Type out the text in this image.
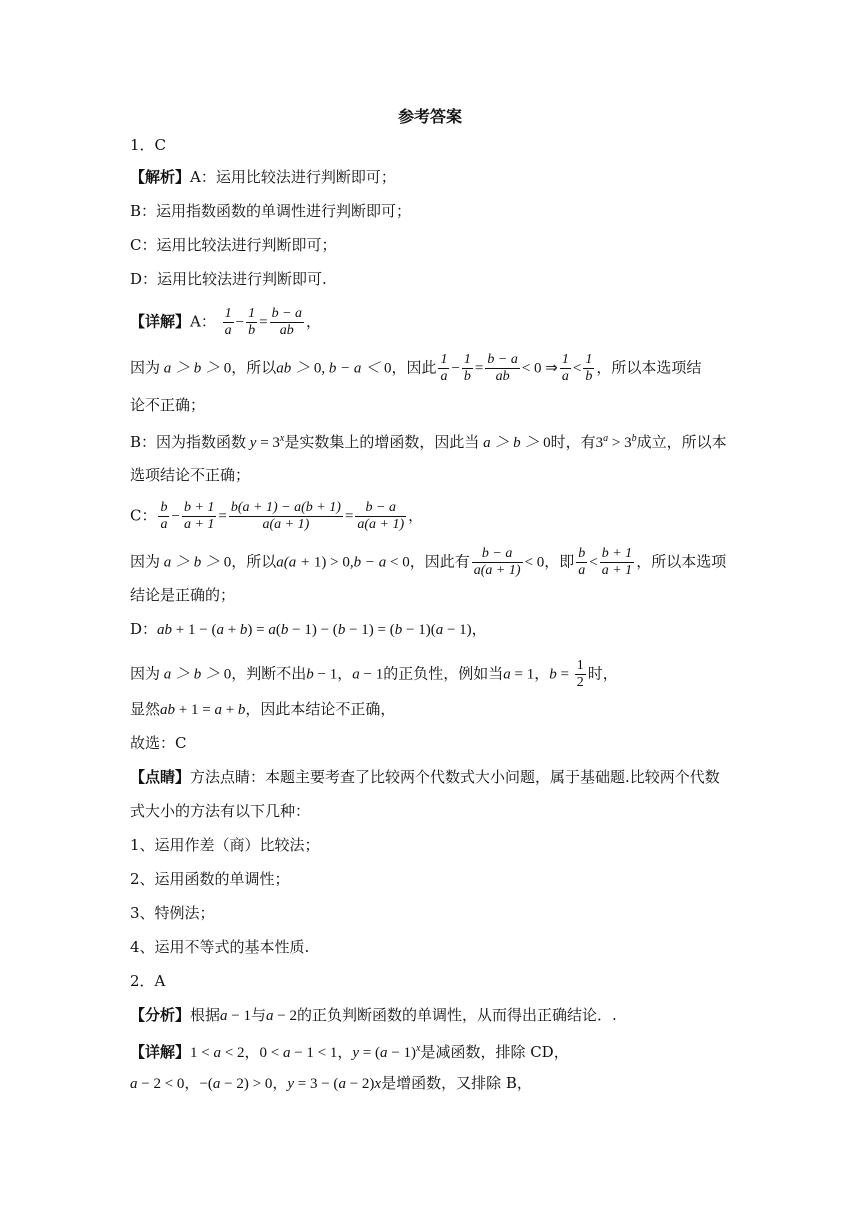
参考答案
1．C
【解析】A：运用比较法进行判断即可；
B：运用指数函数的单调性进行判断即可；
C：运用比较法进行判断即可；
D：运用比较法进行判断即可.
【详解】A： $\frac{1}{a} - \frac{1}{b} = \frac{b - a}{ab}$ ，
因为 a ＞ b ＞ 0，所以ab ＞ 0, b − a ＜ 0，因此 $\frac{1}{a} - \frac{1}{b} = \frac{b - a}{ab} < 0$ ⇒ $\frac{1}{a} < \frac{1}{b}$ ，所以本选项结
论不正确；
B：因为指数函数 $y = 3^x$是实数集上的增函数，因此当 a ＞ b ＞ 0时，有$3^a > 3^b$成立，所以本
选项结论不正确；
C： $\frac{b}{a} - \frac{b + 1}{a + 1} = \frac{b(a + 1) - a(b + 1)}{a(a + 1)} = \frac{b - a}{a(a + 1)}$ ，
因为 a ＞ b ＞ 0，所以a(a + 1) > 0,b − a < 0，因此有 $\frac{b - a}{a(a + 1)} < 0$，即 $\frac{b}{a} < \frac{b + 1}{a + 1}$ ，所以本选项
结论是正确的；
D：ab + 1 − (a + b) = a(b − 1) − (b − 1) = (b − 1)(a − 1)，
因为 a ＞ b ＞ 0，判断不出b − 1，a − 1的正负性，例如当a = 1，$b = \frac{1}{2}$ 时，
显然ab + 1 = a + b，因此本结论不正确，
故选：C
【点睛】方法点睛：本题主要考查了比较两个代数式大小问题，属于基础题.比较两个代数
式大小的方法有以下几种：
1、运用作差（商）比较法；
2、运用函数的单调性；
3、特例法；
4、运用不等式的基本性质.
2．A
【分析】根据a − 1与a − 2的正负判断函数的单调性，从而得出正确结论．.
【详解】1 < a < 2，0 < a − 1 < 1，$y = (a - 1)^x$是减函数，排除 CD，
a − 2 < 0，−(a − 2) > 0，y = 3 − (a − 2)x是增函数，又排除 B，
